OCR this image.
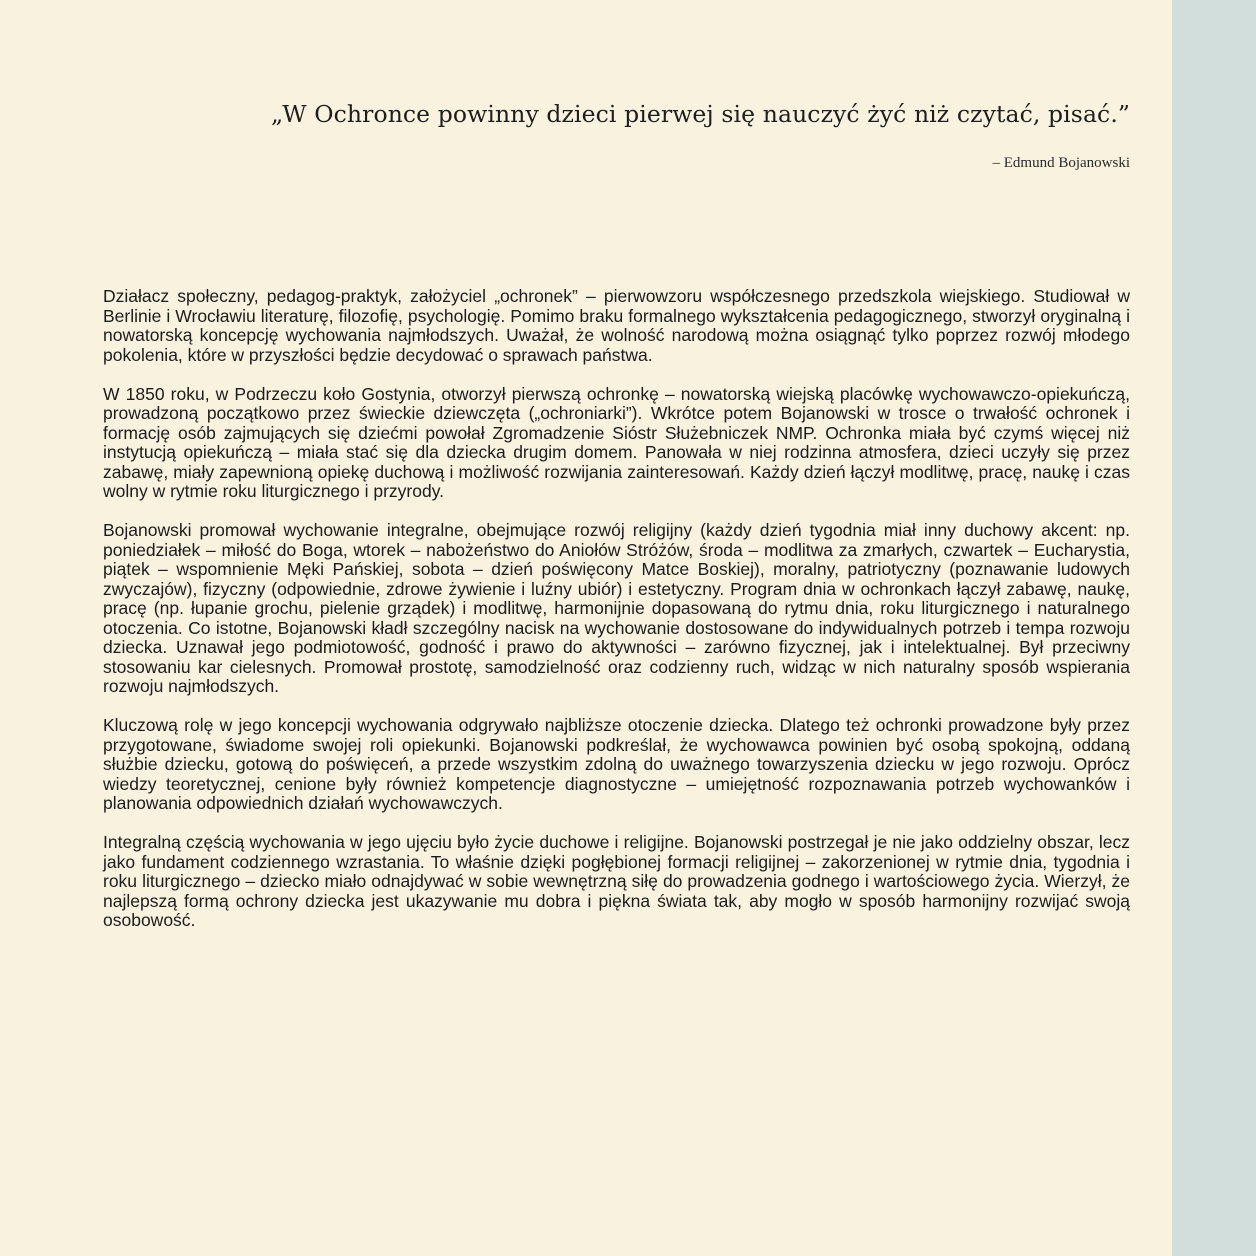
„W Ochronce powinny dzieci pierwej się nauczyć żyć niż czytać, pisać.”
– Edmund Bojanowski

Działacz społeczny, pedagog-praktyk, założyciel „ochronek” – pierwowzoru współczesnego przedszkola wiejskiego. Studiował w Berlinie i Wrocławiu literaturę, filozofię, psychologię. Pomimo braku formalnego wykształcenia pedagogicznego, stworzył oryginalną i nowatorską koncepcję wychowania najmłodszych. Uważał, że wolność narodową można osiągnąć tylko poprzez rozwój młodego pokolenia, które w przyszłości będzie decydować o sprawach państwa.

W 1850 roku, w Podrzeczu koło Gostynia, otworzył pierwszą ochronkę – nowatorską wiejską placówkę wychowawczo-opiekuńczą, prowadzoną początkowo przez świeckie dziewczęta („ochroniarki”). Wkrótce potem Bojanowski w trosce o trwałość ochronek i formację osób zajmujących się dziećmi powołał Zgromadzenie Sióstr Służebniczek NMP. Ochronka miała być czymś więcej niż instytucją opiekuńczą – miała stać się dla dziecka drugim domem. Panowała w niej rodzinna atmosfera, dzieci uczyły się przez zabawę, miały zapewnioną opiekę duchową i możliwość rozwijania zainteresowań. Każdy dzień łączył modlitwę, pracę, naukę i czas wolny w rytmie roku liturgicznego i przyrody.

Bojanowski promował wychowanie integralne, obejmujące rozwój religijny (każdy dzień tygodnia miał inny duchowy akcent: np. poniedziałek – miłość do Boga, wtorek – nabożeństwo do Aniołów Stróżów, środa – modlitwa za zmarłych, czwartek – Eucharystia, piątek – wspomnienie Męki Pańskiej, sobota – dzień poświęcony Matce Boskiej), moralny, patriotyczny (poznawanie ludowych zwyczajów), fizyczny (odpowiednie, zdrowe żywienie i luźny ubiór) i estetyczny. Program dnia w ochronkach łączył zabawę, naukę, pracę (np. łupanie grochu, pielenie grządek) i modlitwę, harmonijnie dopasowaną do rytmu dnia, roku liturgicznego i naturalnego otoczenia. Co istotne, Bojanowski kładł szczególny nacisk na wychowanie dostosowane do indywidualnych potrzeb i tempa rozwoju dziecka. Uznawał jego podmiotowość, godność i prawo do aktywności – zarówno fizycznej, jak i intelektualnej. Był przeciwny stosowaniu kar cielesnych. Promował prostotę, samodzielność oraz codzienny ruch, widząc w nich naturalny sposób wspierania rozwoju najmłodszych.

Kluczową rolę w jego koncepcji wychowania odgrywało najbliższe otoczenie dziecka. Dlatego też ochronki prowadzone były przez przygotowane, świadome swojej roli opiekunki. Bojanowski podkreślał, że wychowawca powinien być osobą spokojną, oddaną służbie dziecku, gotową do poświęceń, a przede wszystkim zdolną do uważnego towarzyszenia dziecku w jego rozwoju. Oprócz wiedzy teoretycznej, cenione były również kompetencje diagnostyczne – umiejętność rozpoznawania potrzeb wychowanków i planowania odpowiednich działań wychowawczych.

Integralną częścią wychowania w jego ujęciu było życie duchowe i religijne. Bojanowski postrzegał je nie jako oddzielny obszar, lecz jako fundament codziennego wzrastania. To właśnie dzięki pogłębionej formacji religijnej – zakorzenionej w rytmie dnia, tygodnia i roku liturgicznego – dziecko miało odnajdywać w sobie wewnętrzną siłę do prowadzenia godnego i wartościowego życia. Wierzył, że najlepszą formą ochrony dziecka jest ukazywanie mu dobra i piękna świata tak, aby mogło w sposób harmonijny rozwijać swoją osobowość.
